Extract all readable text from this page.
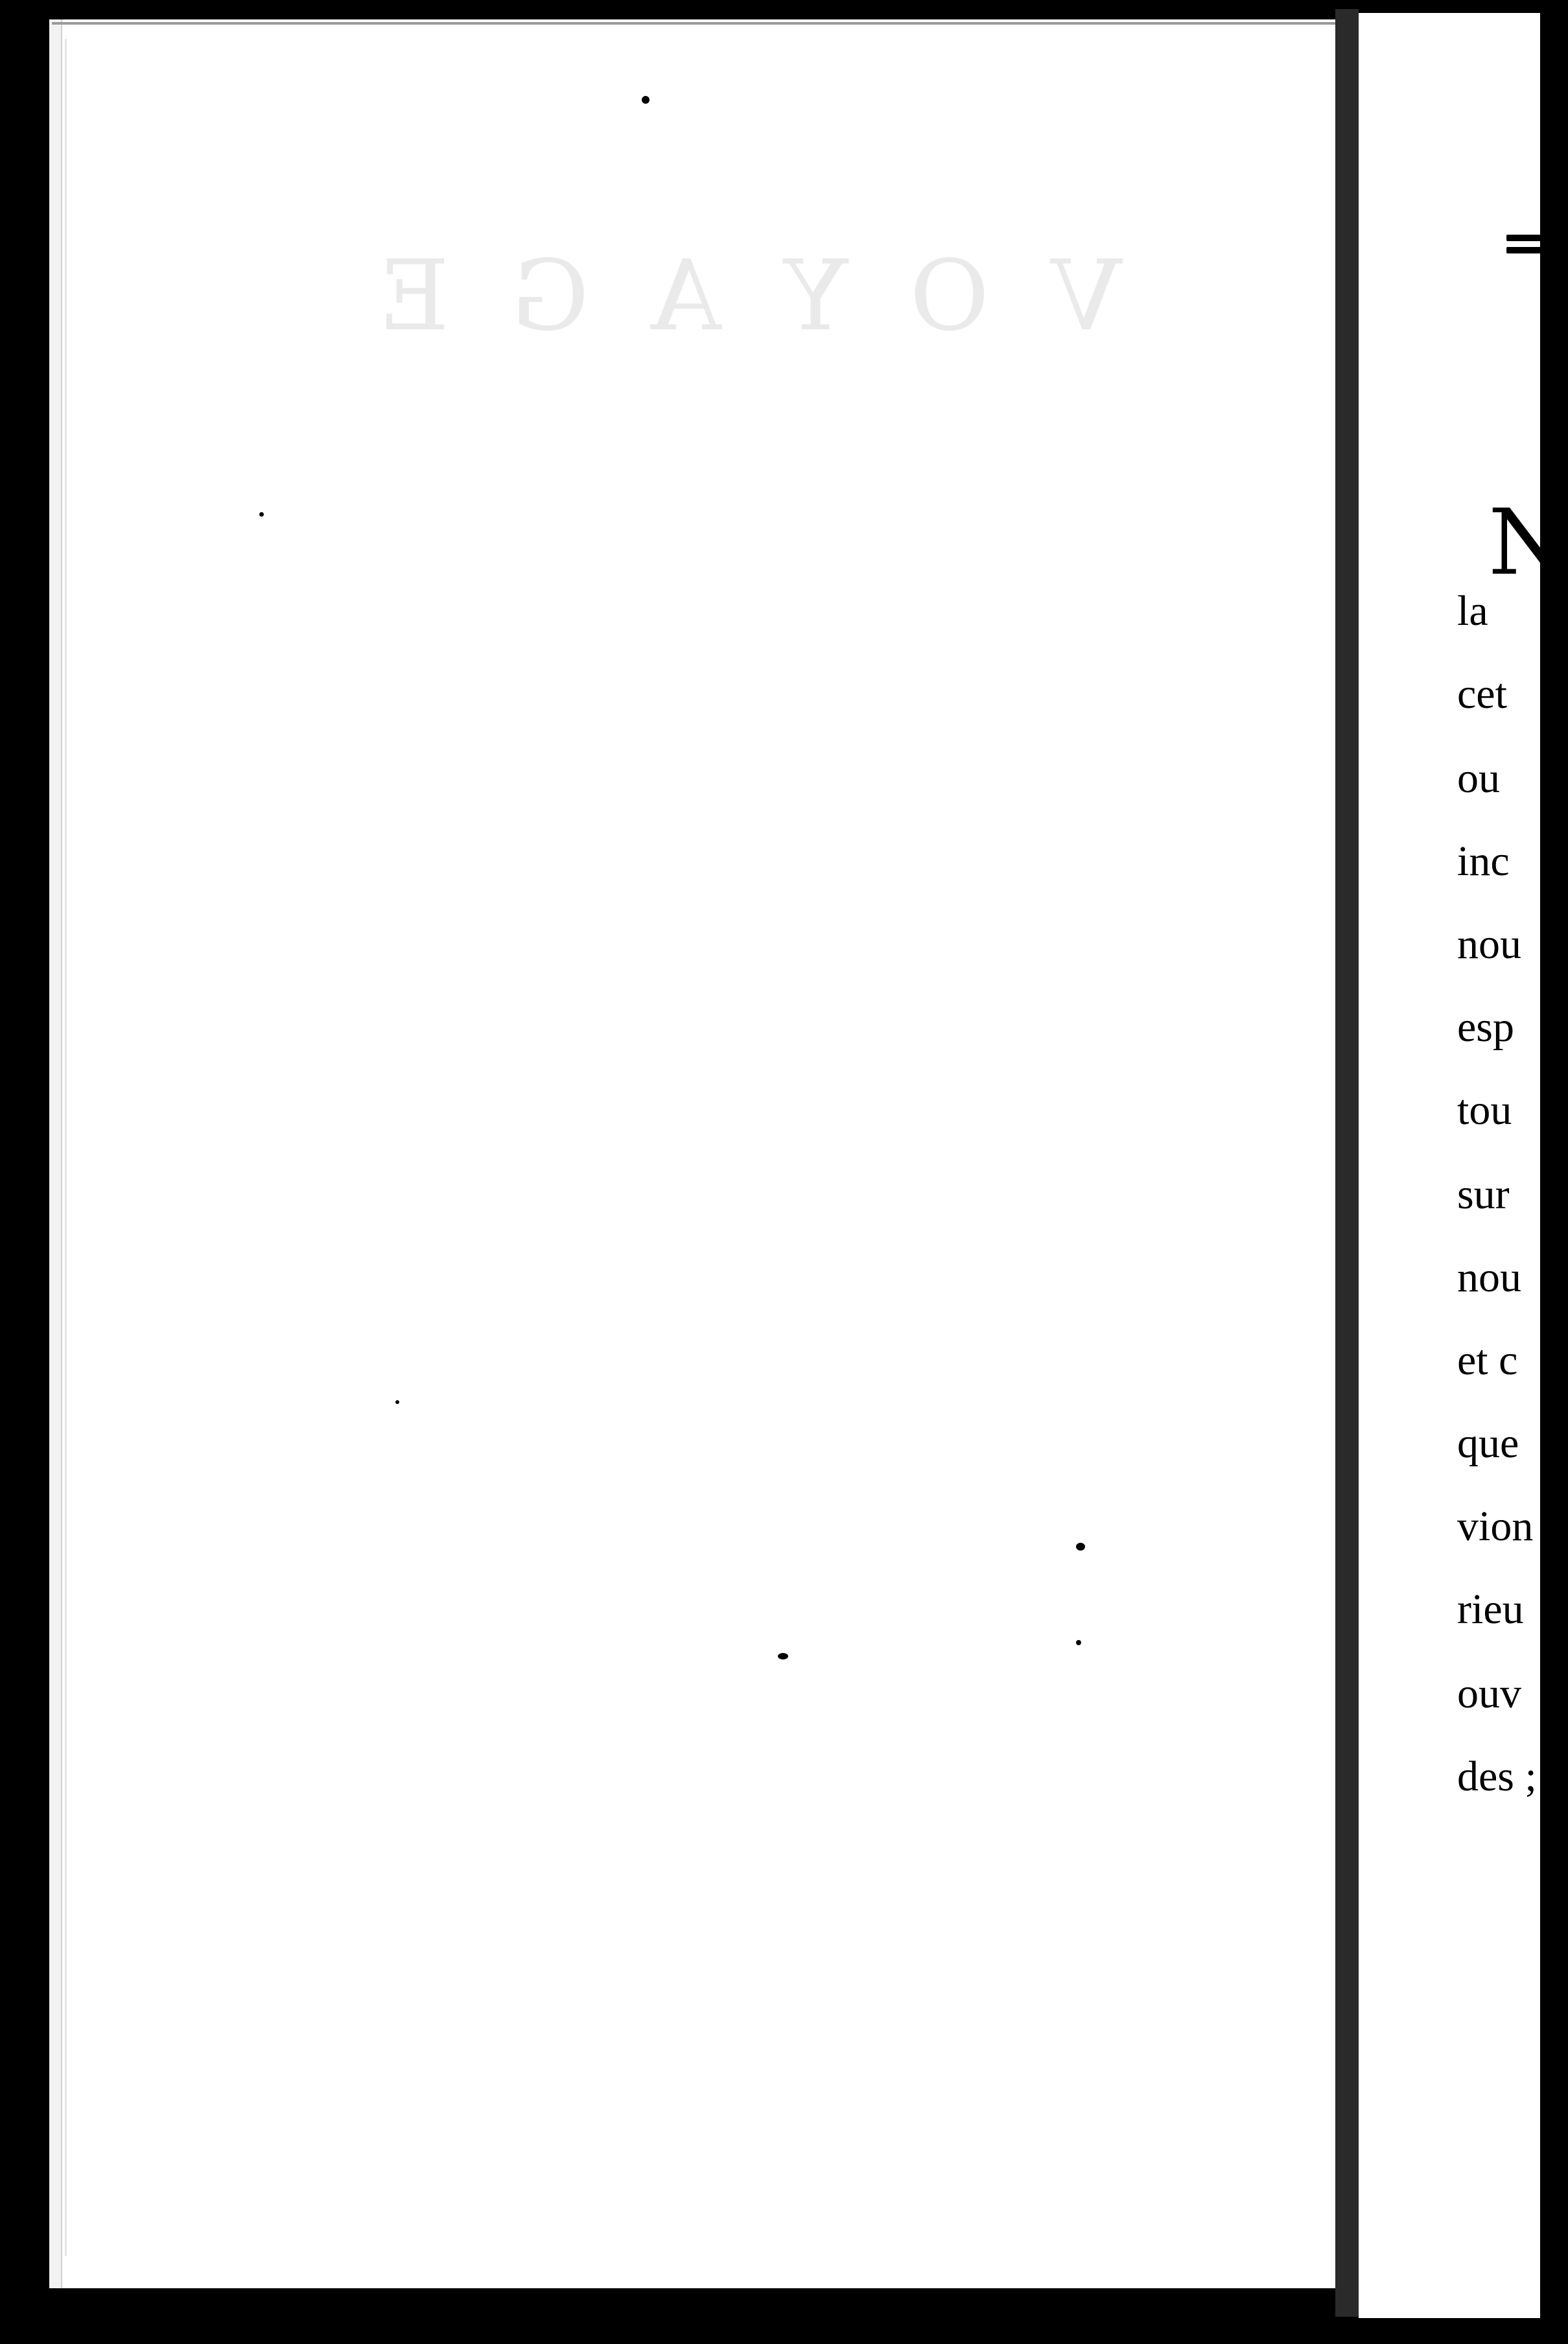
V O Y A G E
N
la
cet
ou
inc
nou
esp
tou
sur
nou
et c
que
vion
rieu
ouv
des ;
